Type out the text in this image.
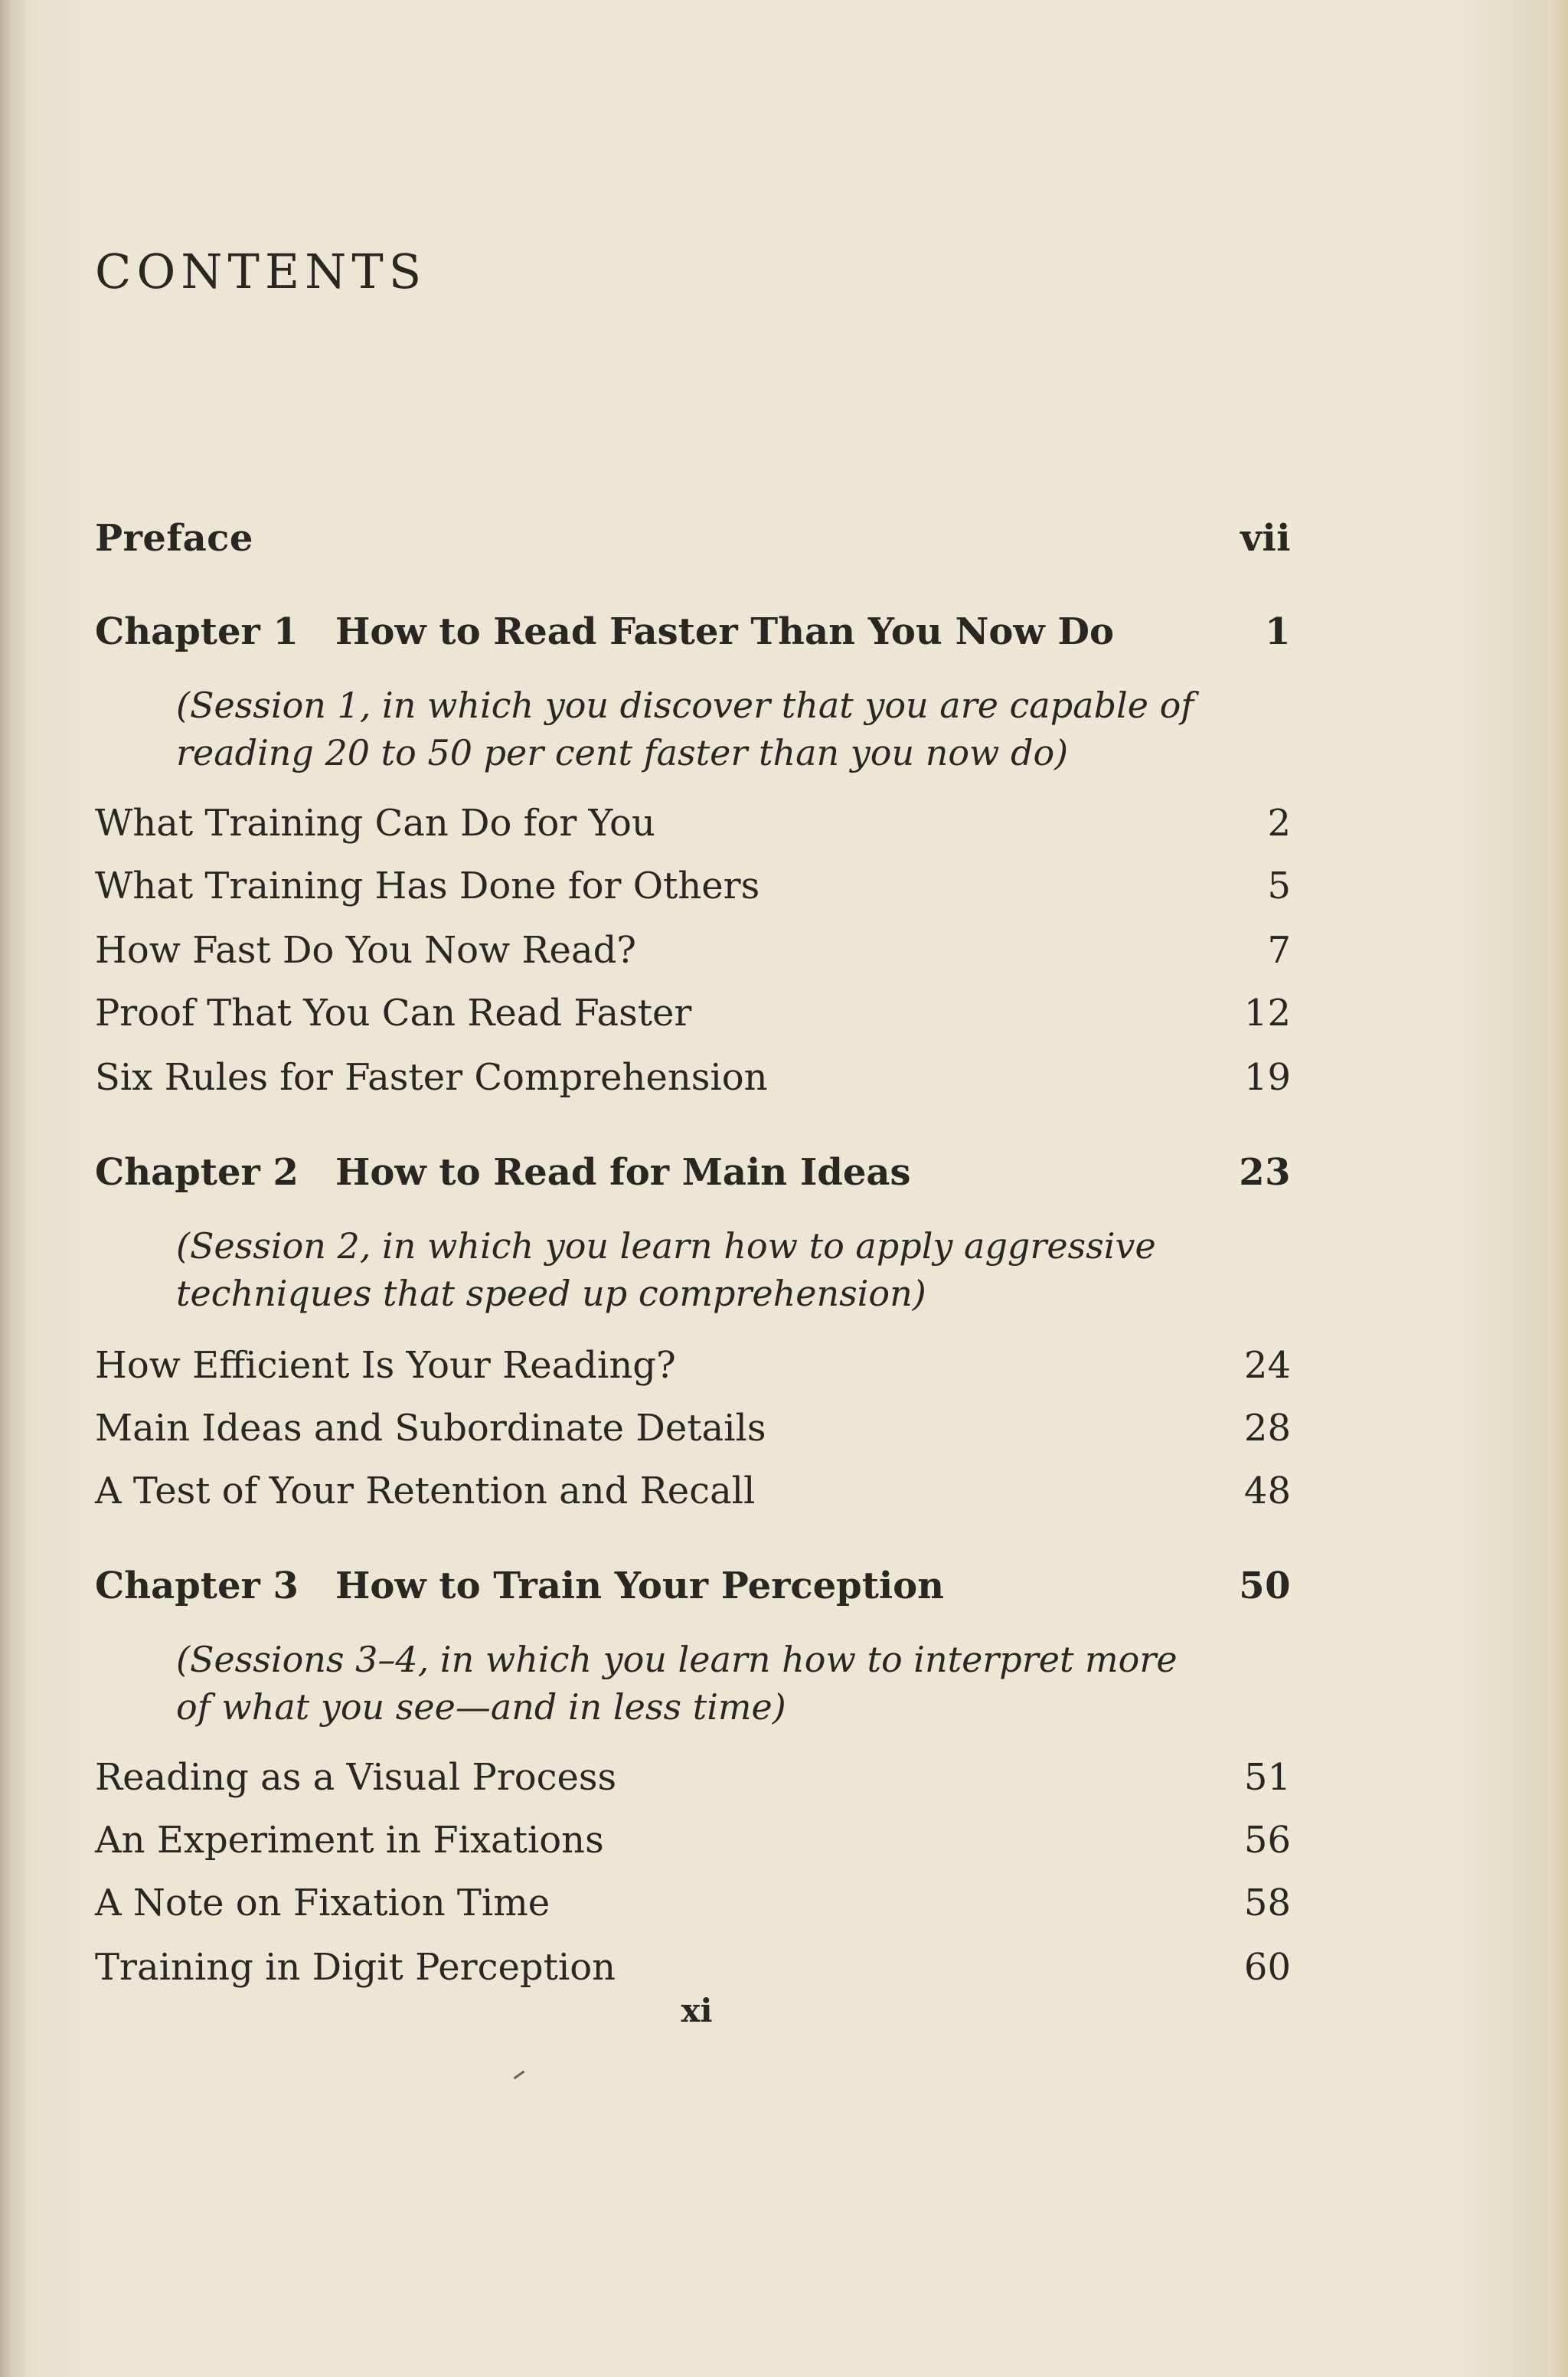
CONTENTS
Preface	vii
Chapter 1 How to Read Faster Than You Now Do	1
(Session 1, in which you discover that you are capable of reading 20 to 50 per cent faster than you now do)
What Training Can Do for You	2
What Training Has Done for Others	5
How Fast Do You Now Read?	7
Proof That You Can Read Faster	12
Six Rules for Faster Comprehension	19
Chapter 2 How to Read for Main Ideas	23
(Session 2, in which you learn how to apply aggressive techniques that speed up comprehension)
How Efficient Is Your Reading?	24
Main Ideas and Subordinate Details	28
A Test of Your Retention and Recall	48
Chapter 3 How to Train Your Perception	50
(Sessions 3–4, in which you learn how to interpret more of what you see—and in less time)
Reading as a Visual Process	51
An Experiment in Fixations	56
A Note on Fixation Time	58
Training in Digit Perception	60
xi
